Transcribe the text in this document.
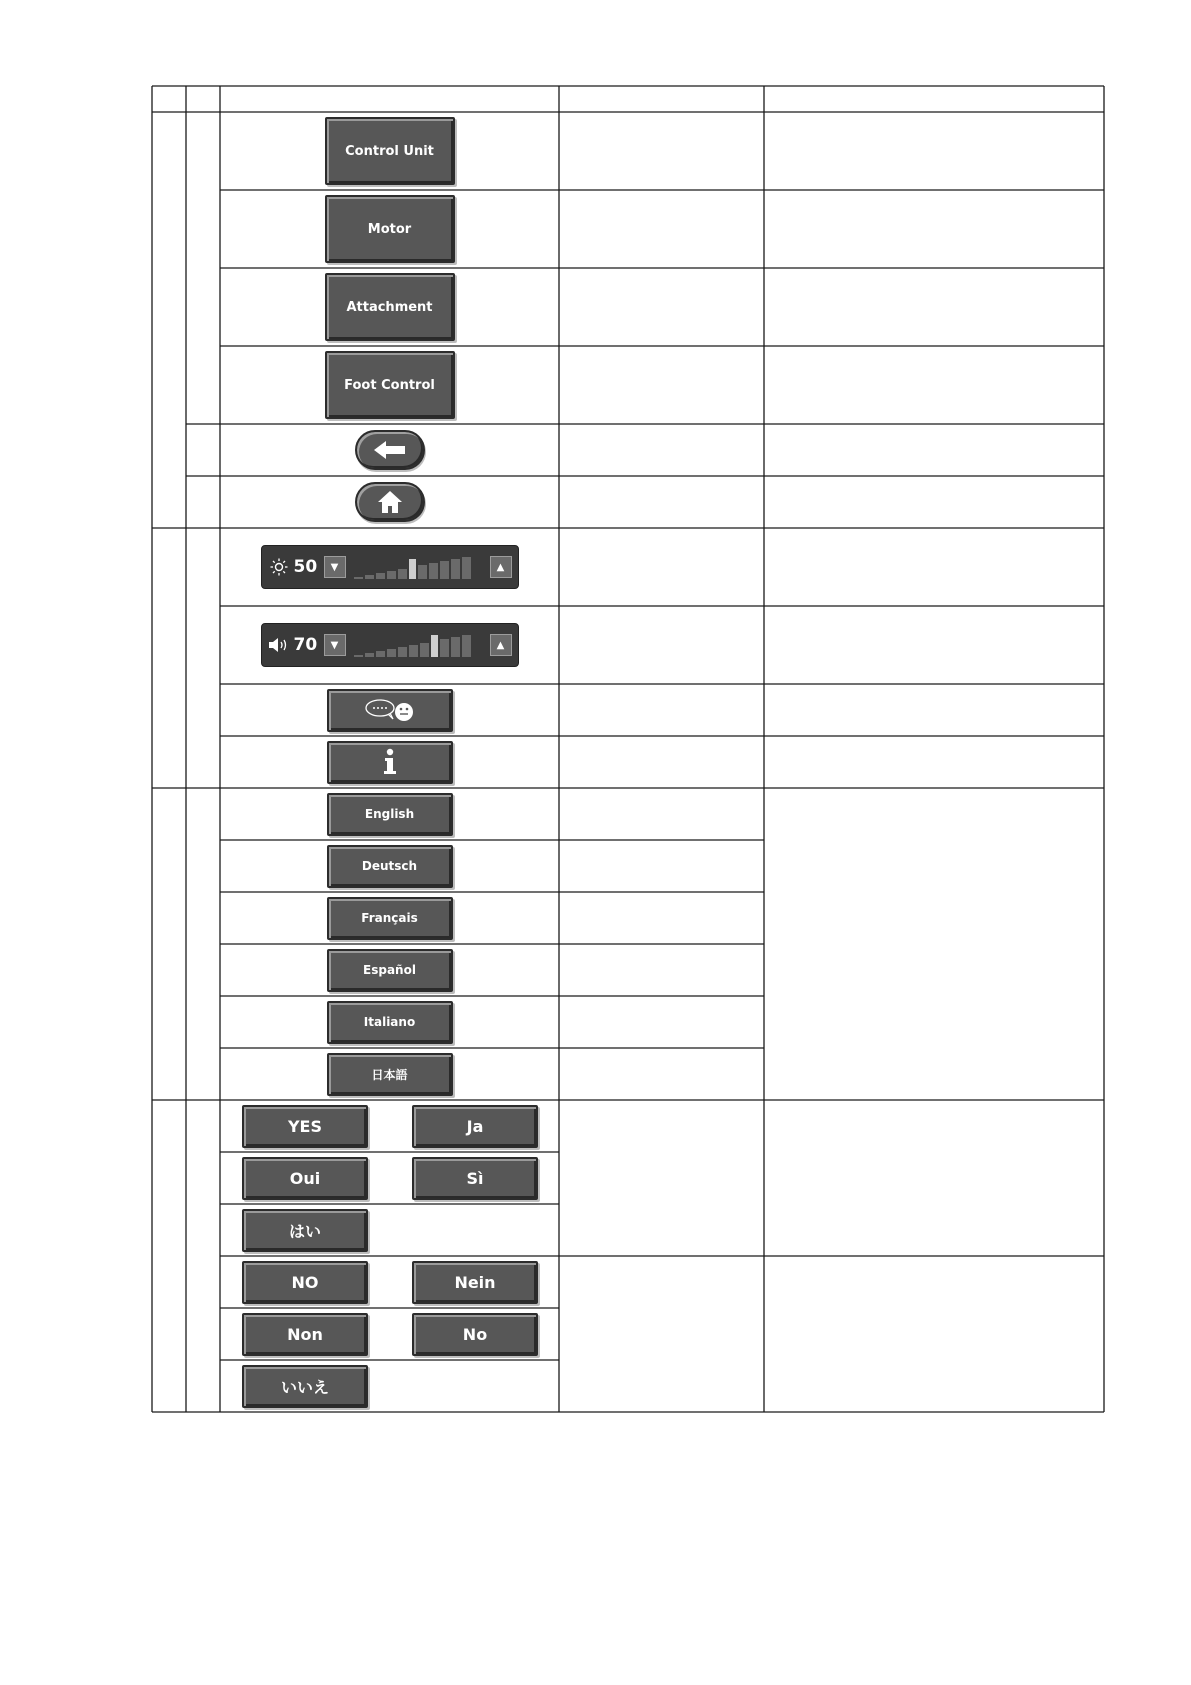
Control Unit
Motor
Attachment
Foot Control
50	▼	▲
70	▼	▲
English
Deutsch
Français
Español
Italiano
日本語
YES	Ja
Oui	Sì
はい
NO	Nein
Non	No
いいえ
